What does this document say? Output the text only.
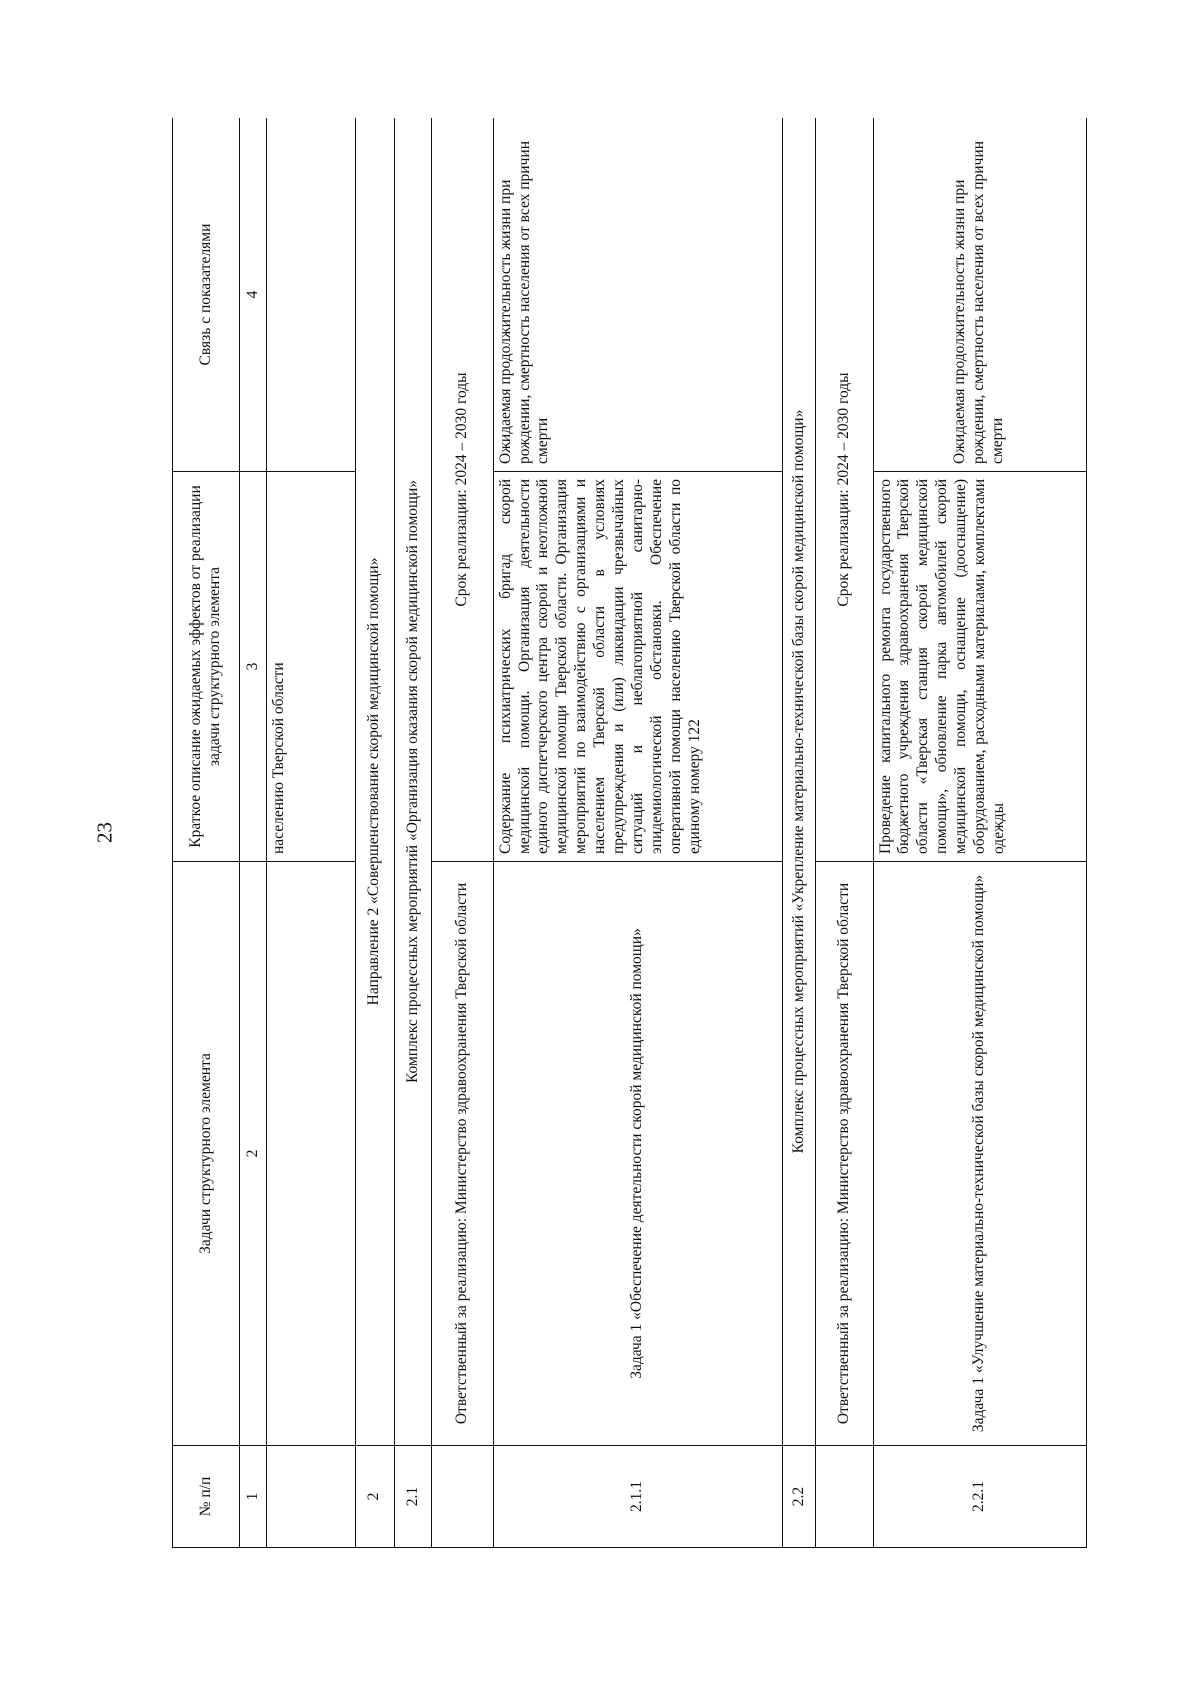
23
№ п/п	Задачи структурного элемента	Краткое описание ожидаемых эффектов от реализации задачи структурного элемента	Связь с показателями
1	2	3	4
		населению Тверской области	
2	Направление 2 «Совершенствование скорой медицинской помощи»		
2.1	Комплекс процессных мероприятий «Организация оказания скорой медицинской помощи»		
	Ответственный за реализацию: Министерство здравоохранения Тверской области	Срок реализации: 2024 – 2030 годы	
2.1.1	Задача 1 «Обеспечение деятельности скорой медицинской помощи»	Содержание психиатрических бригад скорой медицинской помощи. Организация деятельности единого диспетчерского центра скорой и неотложной медицинской помощи Тверской области. Организация мероприятий по взаимодействию с организациями и населением Тверской области в условиях предупреждения и (или) ликвидации чрезвычайных ситуаций и неблагоприятной санитарно-эпидемиологической обстановки. Обеспечение оперативной помощи населению Тверской области по единому номеру 122	Ожидаемая продолжительность жизни при рождении, смертность населения от всех причин смерти
2.2	Комплекс процессных мероприятий «Укрепление материально-технической базы скорой медицинской помощи»		
	Ответственный за реализацию: Министерство здравоохранения Тверской области	Срок реализации: 2024 – 2030 годы	
2.2.1	Задача 1 «Улучшение материально-технической базы скорой медицинской помощи»	Проведение капитального ремонта государственного бюджетного учреждения здравоохранения Тверской области «Тверская станция скорой медицинской помощи», обновление парка автомобилей скорой медицинской помощи, оснащение (дооснащение) оборудованием, расходными материалами, комплектами одежды	Ожидаемая продолжительность жизни при рождении, смертность населения от всех причин смерти
